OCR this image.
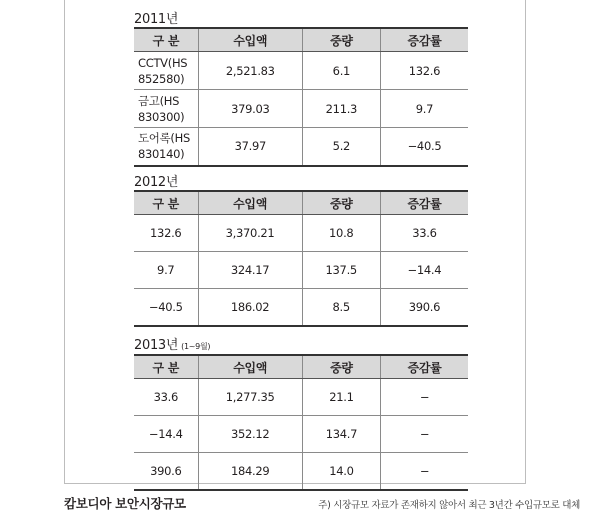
2011년
구 분	수입액	중량	증감률
CCTV(HS 852580)	2,521.83	6.1	132.6
금고(HS 830300)	379.03	211.3	9.7
도어록(HS 830140)	37.97	5.2	−40.5
2012년
구 분	수입액	중량	증감률
132.6	3,370.21	10.8	33.6
9.7	324.17	137.5	−14.4
−40.5	186.02	8.5	390.6
2013년 (1~9월)
구 분	수입액	중량	증감률
33.6	1,277.35	21.1	−
−14.4	352.12	134.7	−
390.6	184.29	14.0	−
캄보디아 보안시장규모	주) 시장규모 자료가 존재하지 않아서 최근 3년간 수입규모로 대체
